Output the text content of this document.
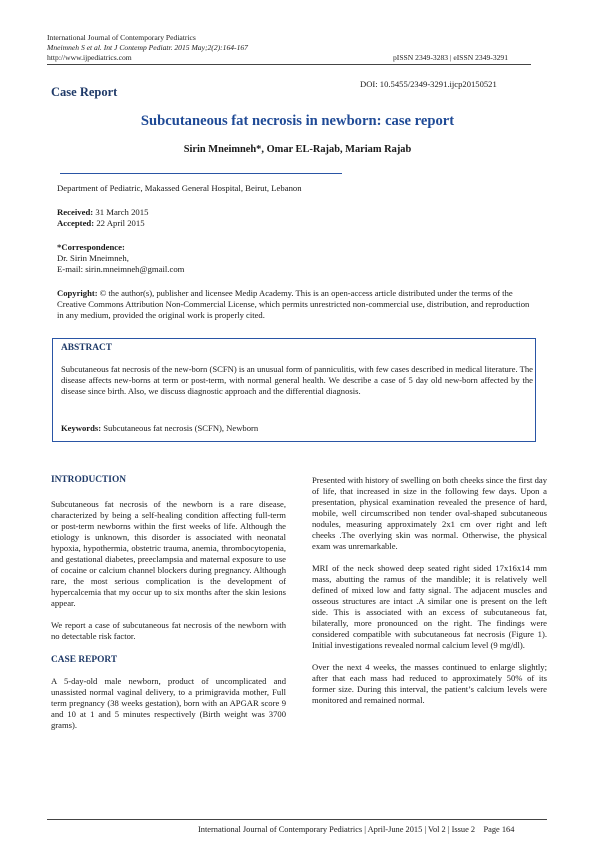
International Journal of Contemporary Pediatrics
Mneimneh S et al. Int J Contemp Pediatr. 2015 May;2(2):164-167
http://www.ijpediatrics.com	pISSN 2349-3283 | eISSN 2349-3291
DOI: 10.5455/2349-3291.ijcp20150521
Case Report
Subcutaneous fat necrosis in newborn: case report
Sirin Mneimneh*, Omar EL-Rajab, Mariam Rajab
Department of Pediatric, Makassed General Hospital, Beirut, Lebanon
Received: 31 March 2015
Accepted: 22 April 2015
*Correspondence:
Dr. Sirin Mneimneh,
E-mail: sirin.mneimneh@gmail.com
Copyright: © the author(s), publisher and licensee Medip Academy. This is an open-access article distributed under the terms of the Creative Commons Attribution Non-Commercial License, which permits unrestricted non-commercial use, distribution, and reproduction in any medium, provided the original work is properly cited.
ABSTRACT
Subcutaneous fat necrosis of the new-born (SCFN) is an unusual form of panniculitis, with few cases described in medical literature. The disease affects new-borns at term or post-term, with normal general health. We describe a case of 5 day old new-born affected by the disease since birth. Also, we discuss diagnostic approach and the differential diagnosis.
Keywords: Subcutaneous fat necrosis (SCFN), Newborn
INTRODUCTION

Subcutaneous fat necrosis of the newborn is a rare disease, characterized by being a self-healing condition affecting full-term or post-term newborns within the first weeks of life. Although the etiology is unknown, this disorder is associated with neonatal hypoxia, hypothermia, obstetric trauma, anemia, thrombocytopenia, and gestational diabetes, preeclampsia and maternal exposure to use of cocaine or calcium channel blockers during pregnancy. Although rare, the most serious complication is the development of hypercalcemia that my occur up to six months after the skin lesions appear.

We report a case of subcutaneous fat necrosis of the newborn with no detectable risk factor.

CASE REPORT

A 5-day-old male newborn, product of uncomplicated and unassisted normal vaginal delivery, to a primigravida mother, Full term pregnancy (38 weeks gestation), born with an APGAR score 9 and 10 at 1 and 5 minutes respectively (Birth weight was 3700 grams).

Presented with history of swelling on both cheeks since the first day of life, that increased in size in the following few days. Upon a presentation, physical examination revealed the presence of hard, mobile, well circumscribed non tender oval-shaped subcutaneous nodules, measuring approximately 2x1 cm over right and left cheeks .The overlying skin was normal. Otherwise, the physical exam was unremarkable.

MRI of the neck showed deep seated right sided 17x16x14 mm mass, abutting the ramus of the mandible; it is relatively well defined of mixed low and fatty signal. The adjacent muscles and osseous structures are intact .A similar one is present on the left side. This is associated with an excess of subcutaneous fat, bilaterally, more pronounced on the right. The findings were considered compatible with subcutaneous fat necrosis (Figure 1). Initial investigations revealed normal calcium level (9 mg/dl).

Over the next 4 weeks, the masses continued to enlarge slightly; after that each mass had reduced to approximately 50% of its former size. During this interval, the patient’s calcium levels were monitored and remained normal.

International Journal of Contemporary Pediatrics | April-June 2015 | Vol 2 | Issue 2    Page 164
